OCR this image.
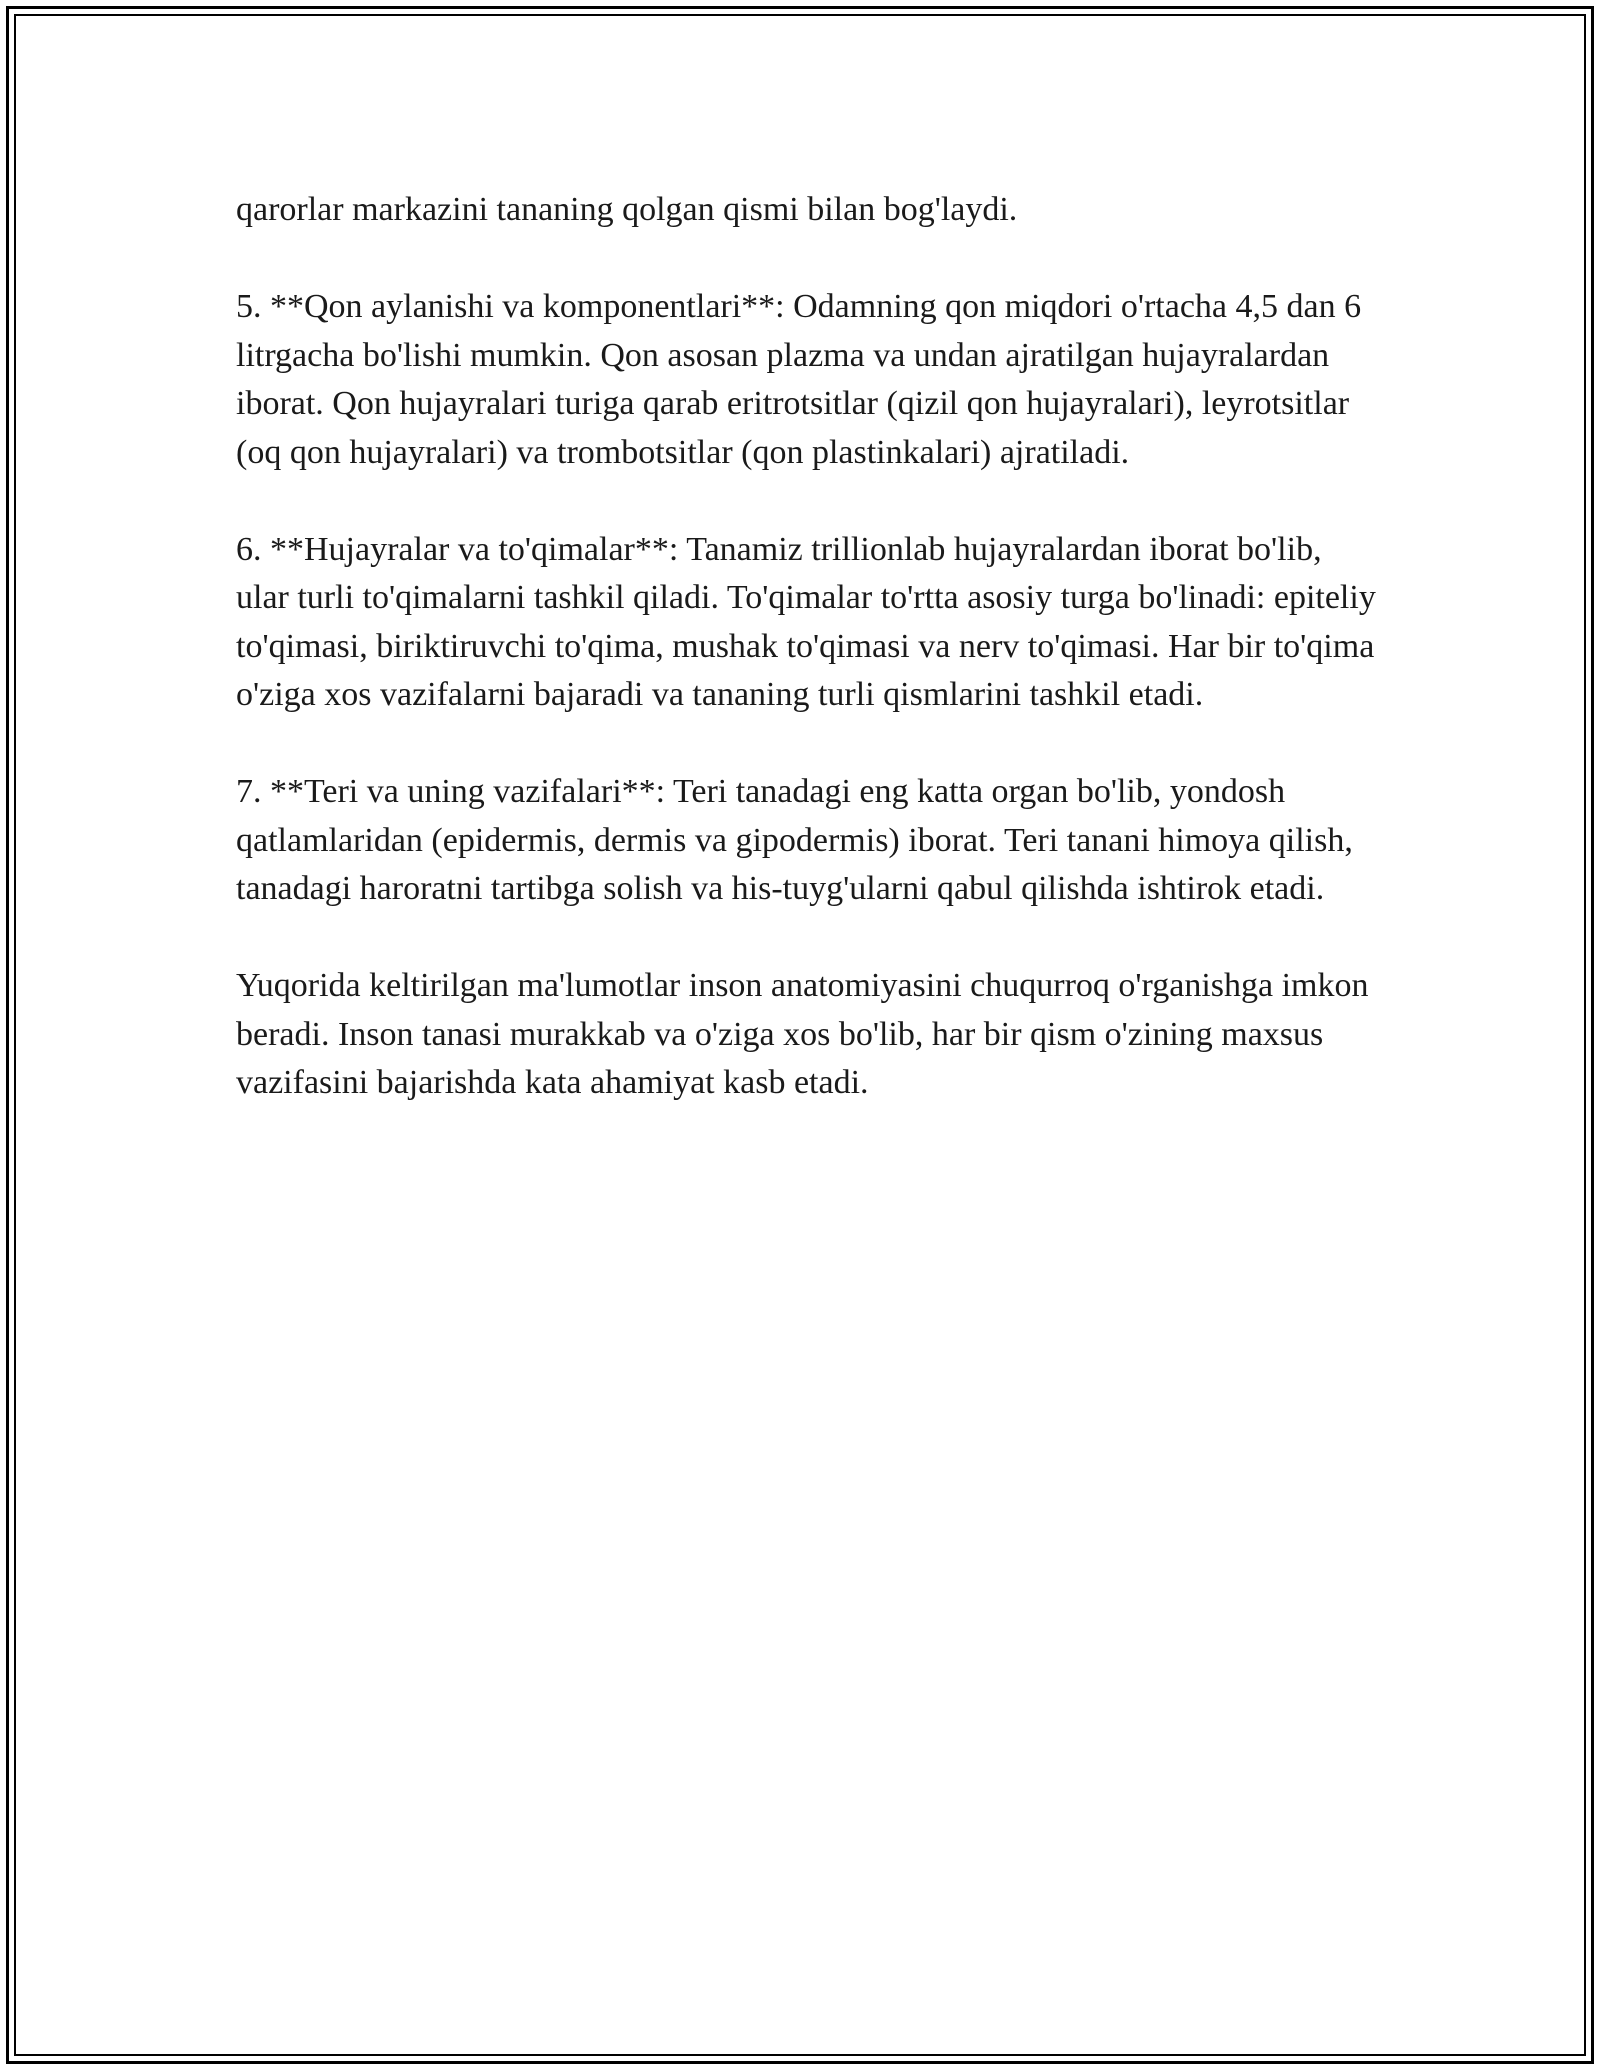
qarorlar markazini tananing qolgan qismi bilan bog'laydi.

5. **Qon aylanishi va komponentlari**: Odamning qon miqdori o'rtacha 4,5 dan 6 litrgacha bo'lishi mumkin. Qon asosan plazma va undan ajratilgan hujayralardan iborat. Qon hujayralari turiga qarab eritrotsitlar (qizil qon hujayralari), leyrotsitlar (oq qon hujayralari) va trombotsitlar (qon plastinkalari) ajratiladi.

6. **Hujayralar va to'qimalar**: Tanamiz trillionlab hujayralardan iborat bo'lib, ular turli to'qimalarni tashkil qiladi. To'qimalar to'rtta asosiy turga bo'linadi: epiteliy to'qimasi, biriktiruvchi to'qima, mushak to'qimasi va nerv to'qimasi. Har bir to'qima o'ziga xos vazifalarni bajaradi va tananing turli qismlarini tashkil etadi.

7. **Teri va uning vazifalari**: Teri tanadagi eng katta organ bo'lib, yondosh qatlamlaridan (epidermis, dermis va gipodermis) iborat. Teri tanani himoya qilish, tanadagi haroratni tartibga solish va his-tuyg'ularni qabul qilishda ishtirok etadi.

Yuqorida keltirilgan ma'lumotlar inson anatomiyasini chuqurroq o'rganishga imkon beradi. Inson tanasi murakkab va o'ziga xos bo'lib, har bir qism o'zining maxsus vazifasini bajarishda kata ahamiyat kasb etadi.
